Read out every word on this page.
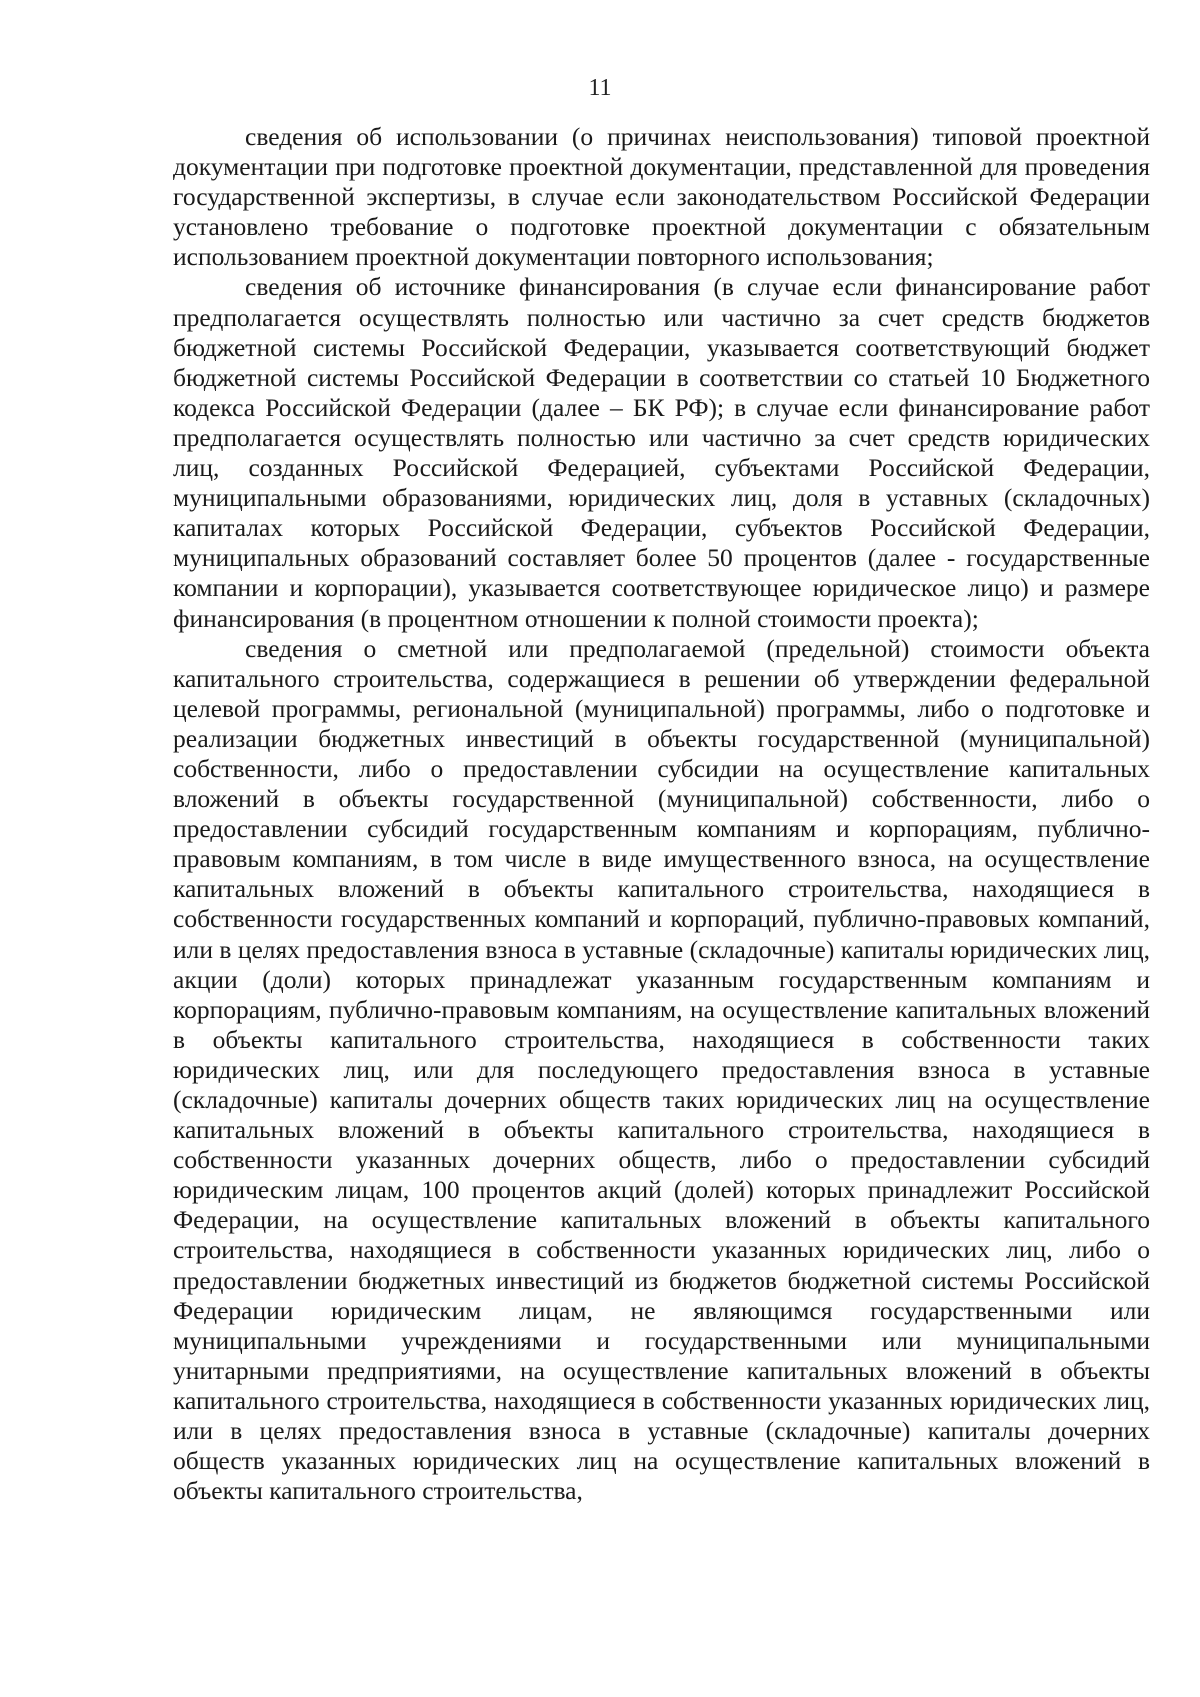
11

сведения об использовании (о причинах неиспользования) типовой проектной документации при подготовке проектной документации, представленной для проведения государственной экспертизы, в случае если законодательством Российской Федерации установлено требование о подготовке проектной документации с обязательным использованием проектной документации повторного использования;

сведения об источнике финансирования (в случае если финансирование работ предполагается осуществлять полностью или частично за счет средств бюджетов бюджетной системы Российской Федерации, указывается соответствующий бюджет бюджетной системы Российской Федерации в соответствии со статьей 10 Бюджетного кодекса Российской Федерации (далее – БК РФ); в случае если финансирование работ предполагается осуществлять полностью или частично за счет средств юридических лиц, созданных Российской Федерацией, субъектами Российской Федерации, муниципальными образованиями, юридических лиц, доля в уставных (складочных) капиталах которых Российской Федерации, субъектов Российской Федерации, муниципальных образований составляет более 50 процентов (далее - государственные компании и корпорации), указывается соответствующее юридическое лицо) и размере финансирования (в процентном отношении к полной стоимости проекта);

сведения о сметной или предполагаемой (предельной) стоимости объекта капитального строительства, содержащиеся в решении об утверждении федеральной целевой программы, региональной (муниципальной) программы, либо о подготовке и реализации бюджетных инвестиций в объекты государственной (муниципальной) собственности, либо о предоставлении субсидии на осуществление капитальных вложений в объекты государственной (муниципальной) собственности, либо о предоставлении субсидий государственным компаниям и корпорациям, публично-правовым компаниям, в том числе в виде имущественного взноса, на осуществление капитальных вложений в объекты капитального строительства, находящиеся в собственности государственных компаний и корпораций, публично-правовых компаний, или в целях предоставления взноса в уставные (складочные) капиталы юридических лиц, акции (доли) которых принадлежат указанным государственным компаниям и корпорациям, публично-правовым компаниям, на осуществление капитальных вложений в объекты капитального строительства, находящиеся в собственности таких юридических лиц, или для последующего предоставления взноса в уставные (складочные) капиталы дочерних обществ таких юридических лиц на осуществление капитальных вложений в объекты капитального строительства, находящиеся в собственности указанных дочерних обществ, либо о предоставлении субсидий юридическим лицам, 100 процентов акций (долей) которых принадлежит Российской Федерации, на осуществление капитальных вложений в объекты капитального строительства, находящиеся в собственности указанных юридических лиц, либо о предоставлении бюджетных инвестиций из бюджетов бюджетной системы Российской Федерации юридическим лицам, не являющимся государственными или муниципальными учреждениями и государственными или муниципальными унитарными предприятиями, на осуществление капитальных вложений в объекты капитального строительства, находящиеся в собственности указанных юридических лиц, или в целях предоставления взноса в уставные (складочные) капиталы дочерних обществ указанных юридических лиц на осуществление капитальных вложений в объекты капитального строительства,
